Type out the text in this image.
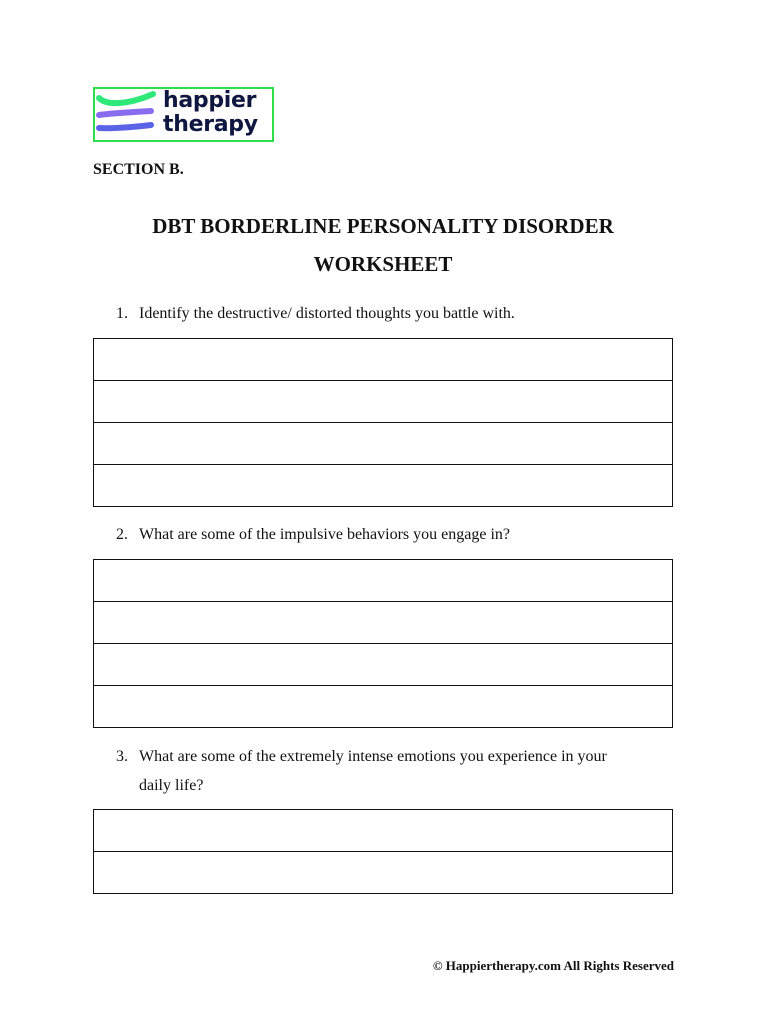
happier
therapy
SECTION B.
DBT BORDERLINE PERSONALITY DISORDER
WORKSHEET
1. Identify the destructive/ distorted thoughts you battle with.
2. What are some of the impulsive behaviors you engage in?
3. What are some of the extremely intense emotions you experience in your
daily life?
© Happiertherapy.com All Rights Reserved
